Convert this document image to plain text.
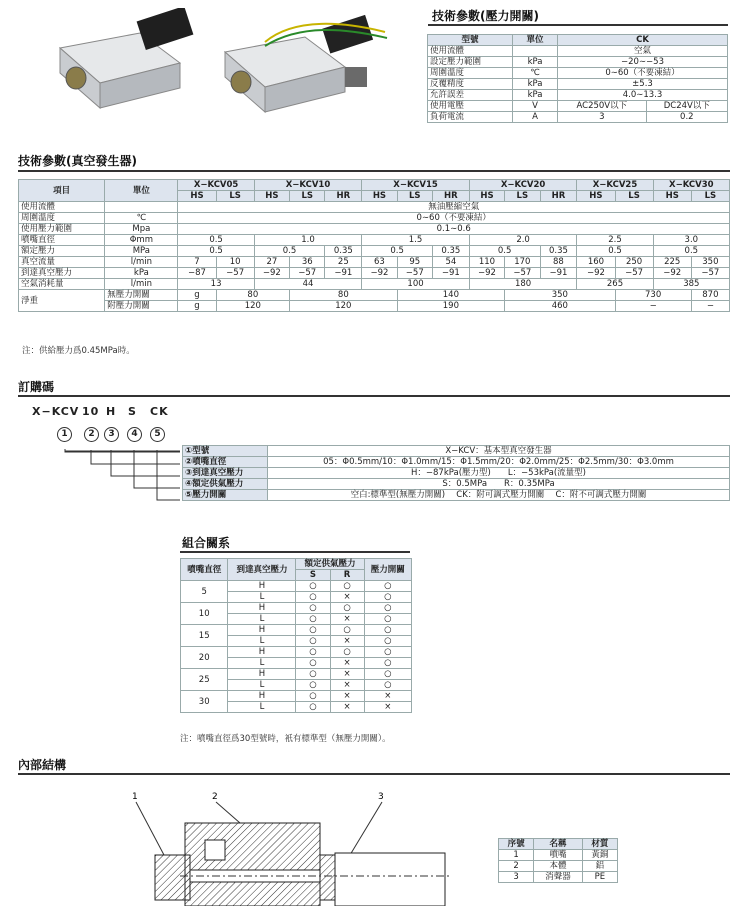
技術參數(壓力開關)
型號	單位	CK	
使用流體		空氣	
設定壓力範圍	kPa	−20∼−53	
周圍溫度	℃	0∼60（不要凍結）	
反覆精度	kPa	±5.3	
允許誤差	kPa	4.0∼13.3	
使用電壓	V	AC250V以下	DC24V以下
負荷電流	A	3	0.2
技術參數(真空發生器)
項目	單位	X−KCV05		X−KCV10			X−KCV15			X−KCV20			X−KCV25		X−KCV30	
		HS	LS	HS	LS	HR	HS	LS	HR	HS	LS	HR	HS	LS	HS	LS
使用流體		無油壓縮空氣														
周圍溫度	℃	0∼60（不要凍結）														
使用壓力範圍	Mpa	0.1∼0.6														
噴嘴直徑	Φmm	0.5		1.0			1.5			2.0			2.5		3.0	
額定壓力	MPa	0.5		0.5		0.35	0.5		0.35	0.5		0.35	0.5		0.5	
真空流量	l/min	7	10	27	36	25	63	95	54	110	170	88	160	250	225	350
到達真空壓力	kPa	−87	−57	−92	−57	−91	−92	−57	−91	−92	−57	−91	−92	−57	−92	−57
空氣消耗量	l/min	13		44			100			180			265		385	
淨重	無壓力開關	g	80		80			140			350			730		870
	附壓力開關	g	120		120			190			460			−		−
注：供給壓力爲0.45MPa時。
訂購碼
X−KCV 10 H S CK
1	2	3	4	5
①型號	X−KCV：基本型真空發生器
②噴嘴直徑	05：Φ0.5mm/10：Φ1.0mm/15：Φ1.5mm/20：Φ2.0mm/25：Φ2.5mm/30：Φ3.0mm
③到達真空壓力	H：−87kPa(壓力型)　　L：−53kPa(流量型)
④額定供氣壓力	S：0.5MPa　　R：0.35MPa
⑤壓力開關	空白:標準型(無壓力開關)　 CK：附可調式壓力開關　 C：附不可調式壓力開關
組合關系
噴嘴直徑	到達真空壓力	額定供氣壓力		壓力開關
		S	R	
5	H	○	○	○
	L	○	×	○
10	H	○	○	○
	L	○	×	○
15	H	○	○	○
	L	○	×	○
20	H	○	○	○
	L	○	×	○
25	H	○	×	○
	L	○	×	○
30	H	○	×	×
	L	○	×	×
注：噴嘴直徑爲30型號時，衹有標準型（無壓力開關）。
內部結構
1	2	3
序號	名稱	材質
1	噴嘴	黃銅
2	本體	鋁
3	消聲器	PE
